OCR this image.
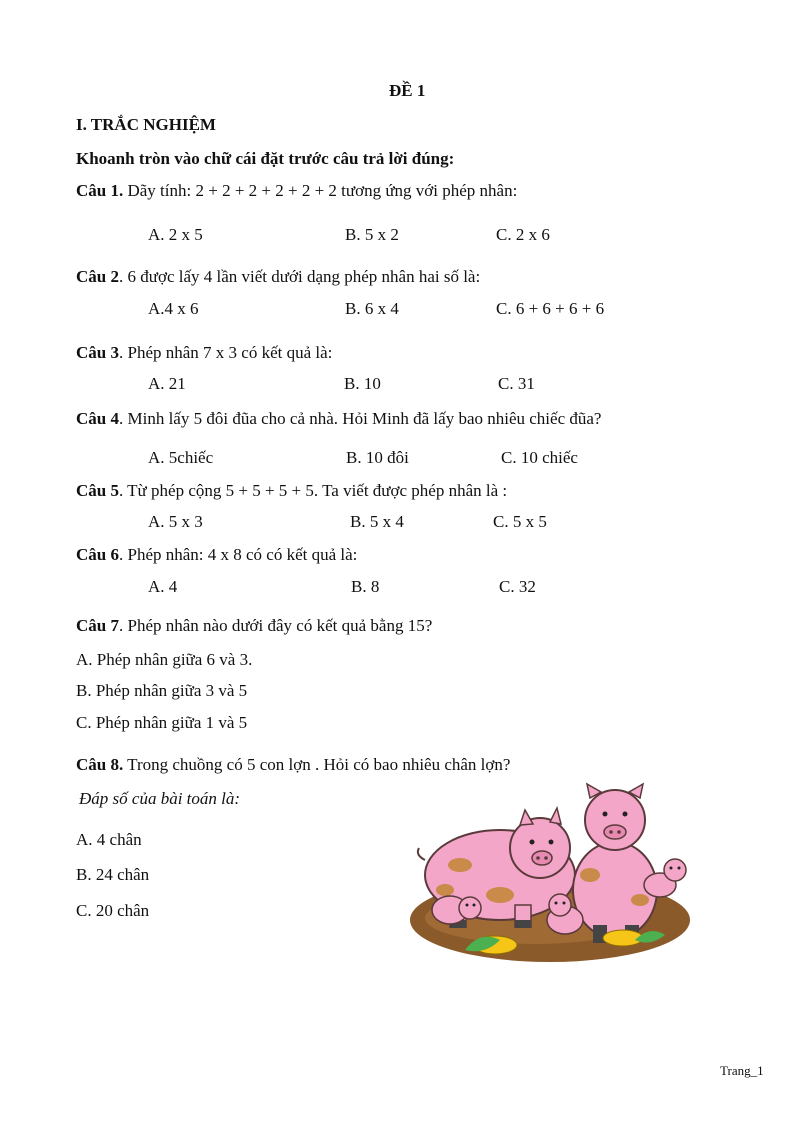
ĐỀ 1
I. TRẮC NGHIỆM
Khoanh tròn vào chữ cái đặt trước câu trả lời đúng:
Câu 1. Dãy tính: 2 + 2 + 2 + 2 + 2 + 2 tương ứng với phép nhân:
A. 2 x 5	B. 5 x 2	C. 2 x 6
Câu 2. 6 được lấy 4 lần viết dưới dạng phép nhân hai số là:
A.4 x 6	B. 6 x 4	C. 6 + 6 + 6 + 6
Câu 3. Phép nhân 7 x 3 có kết quả là:
A. 21	B. 10	C. 31
Câu 4. Minh lấy 5 đôi đũa cho cả nhà. Hỏi Minh đã lấy bao nhiêu chiếc đũa?
A. 5chiếc	B. 10 đôi	C. 10 chiếc
Câu 5. Từ phép cộng 5 + 5 + 5 + 5. Ta viết được phép nhân là :
A. 5 x 3	B. 5 x 4	C. 5 x 5
Câu 6. Phép nhân: 4 x 8 có có kết quả là:
A. 4	B. 8	C. 32
Câu 7. Phép nhân nào dưới đây có kết quả bằng 15?
A. Phép nhân giữa 6 và 3.
B. Phép nhân giữa 3 và 5
C. Phép nhân giữa 1 và 5
Câu 8. Trong chuồng có 5 con lợn . Hỏi có bao nhiêu chân lợn?
Đáp số của bài toán là:
A. 4 chân
B. 24 chân
C. 20 chân
Trang_1
